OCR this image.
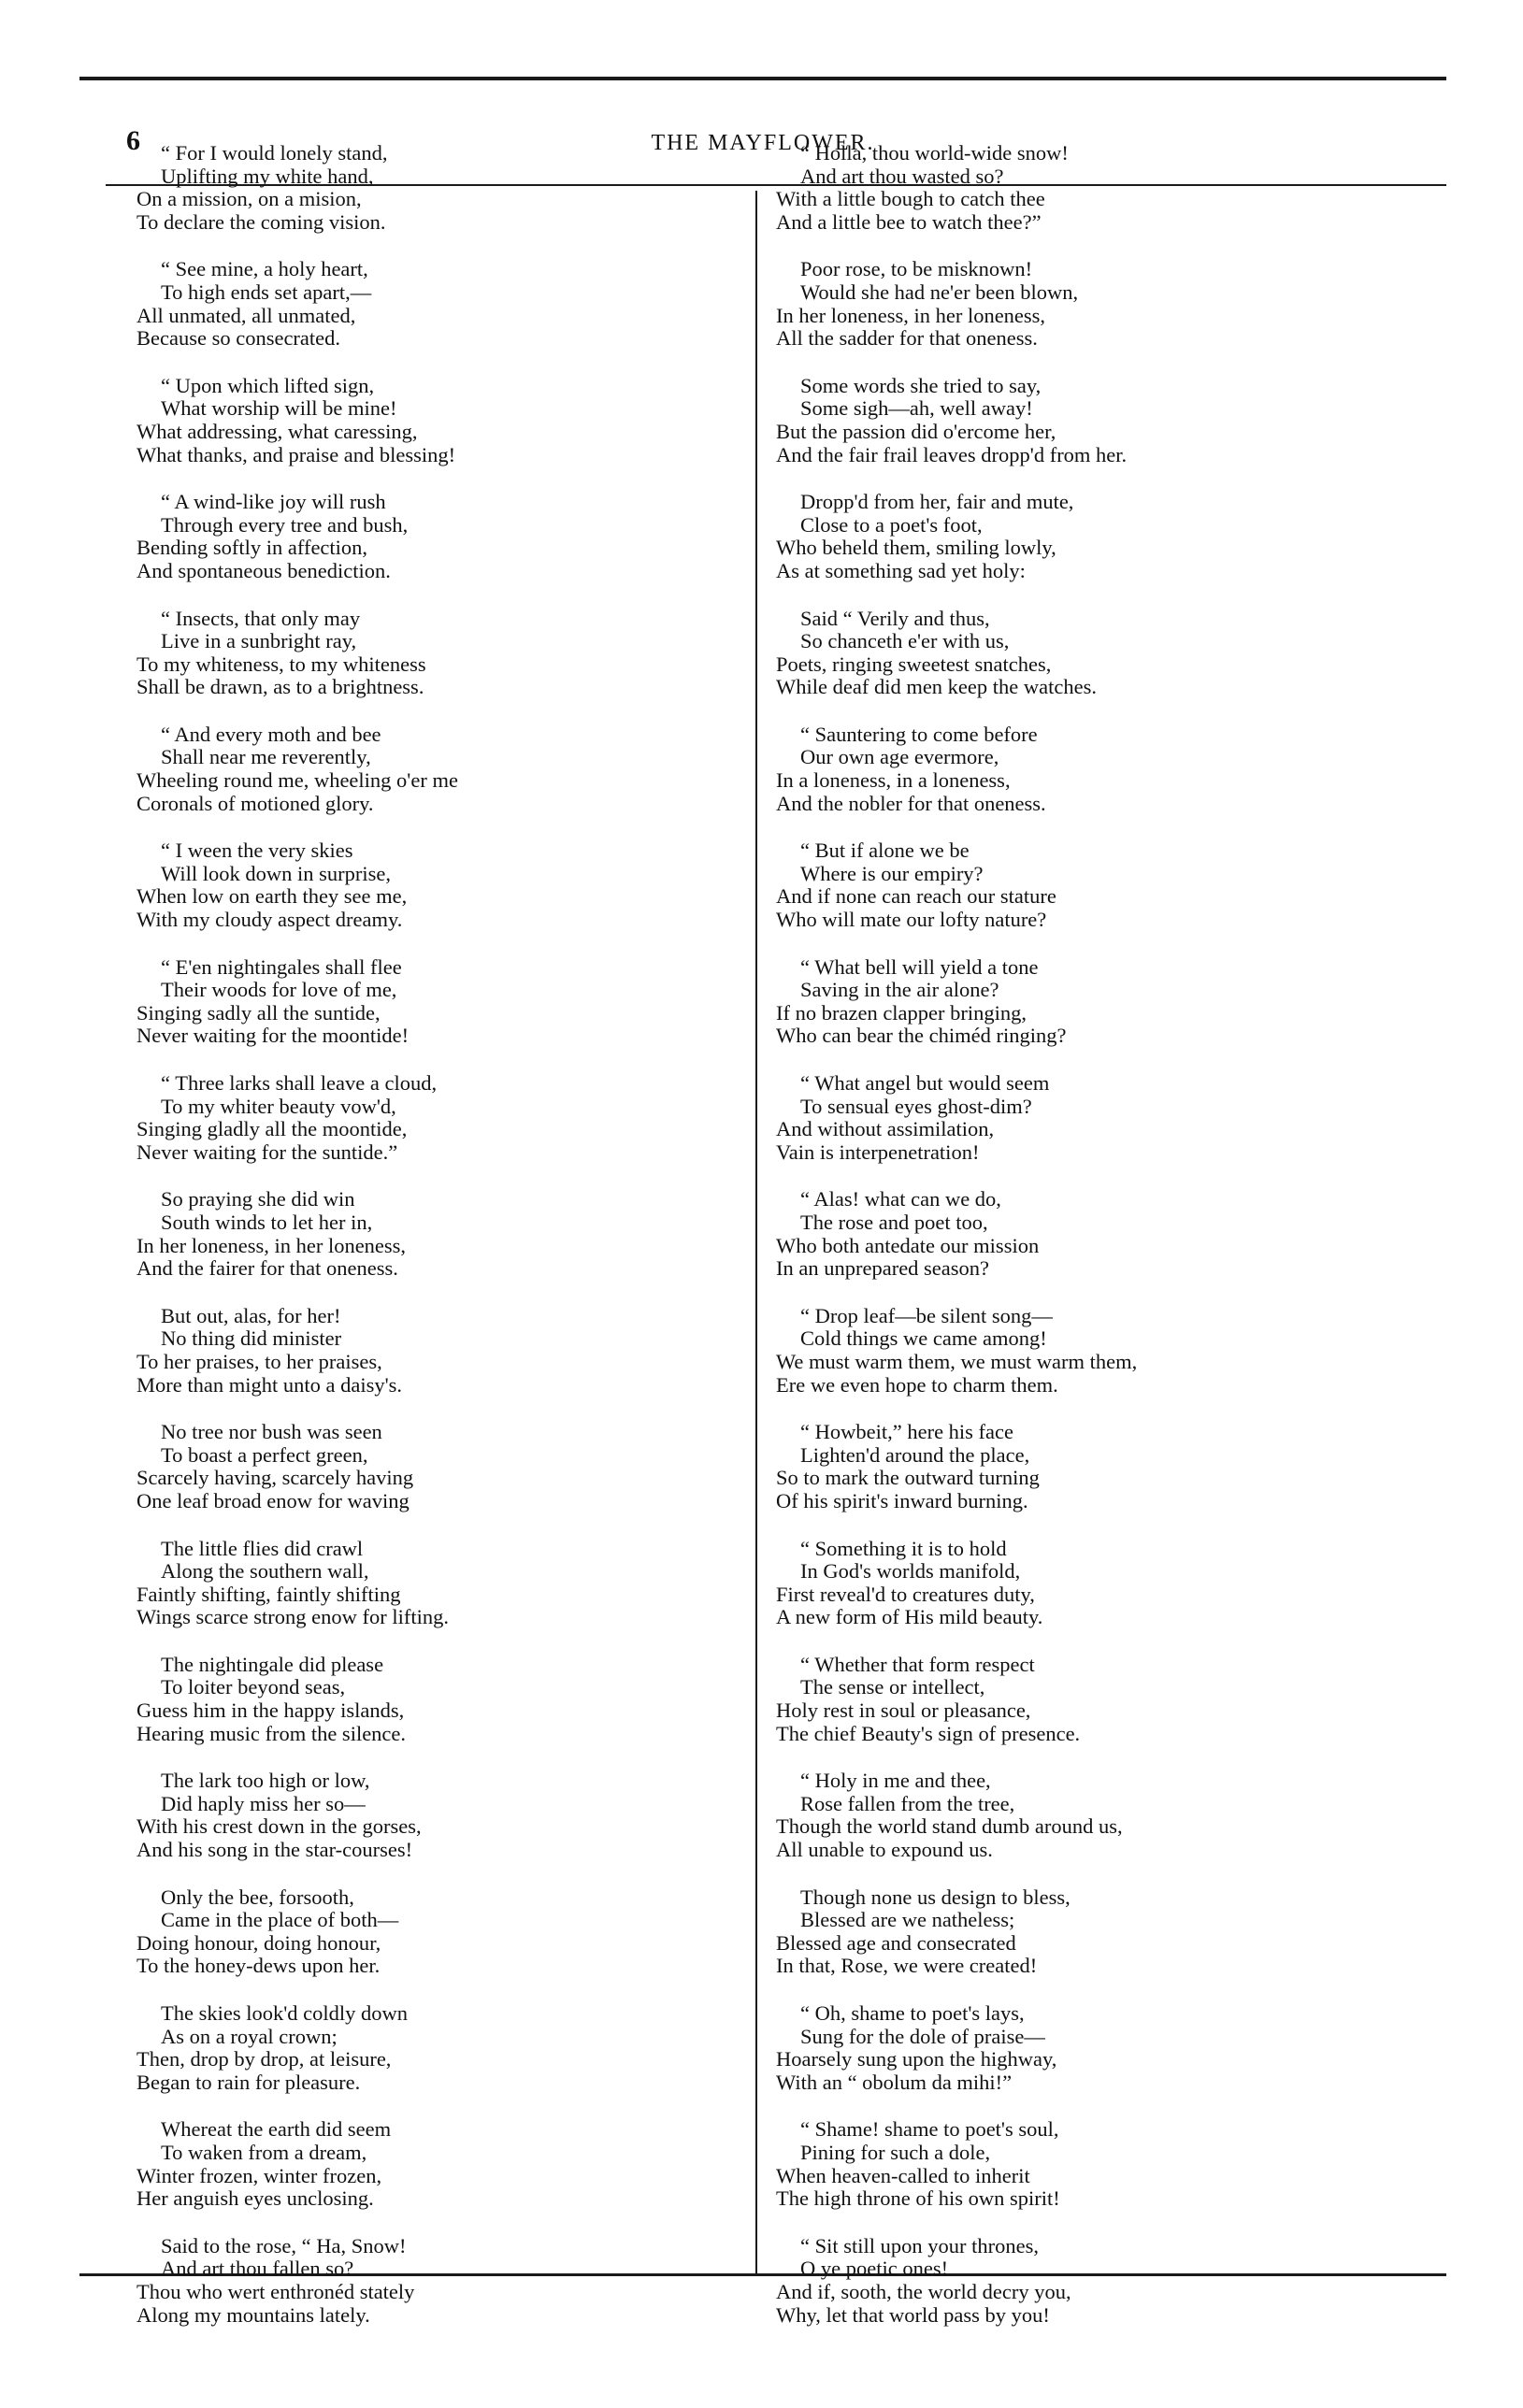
6	THE MAYFLOWER.
“ For I would lonely stand,
Uplifting my white hand,
On a mission, on a mision,
To declare the coming vision.
“ See mine, a holy heart,
To high ends set apart,—
All unmated, all unmated,
Because so consecrated.
“ Upon which lifted sign,
What worship will be mine!
What addressing, what caressing,
What thanks, and praise and blessing!
“ A wind-like joy will rush
Through every tree and bush,
Bending softly in affection,
And spontaneous benediction.
“ Insects, that only may
Live in a sunbright ray,
To my whiteness, to my whiteness
Shall be drawn, as to a brightness.
“ And every moth and bee
Shall near me reverently,
Wheeling round me, wheeling o'er me
Coronals of motioned glory.
“ I ween the very skies
Will look down in surprise,
When low on earth they see me,
With my cloudy aspect dreamy.
“ E'en nightingales shall flee
Their woods for love of me,
Singing sadly all the suntide,
Never waiting for the moontide!
“ Three larks shall leave a cloud,
To my whiter beauty vow'd,
Singing gladly all the moontide,
Never waiting for the suntide.”
So praying she did win
South winds to let her in,
In her loneness, in her loneness,
And the fairer for that oneness.
But out, alas, for her!
No thing did minister
To her praises, to her praises,
More than might unto a daisy's.
No tree nor bush was seen
To boast a perfect green,
Scarcely having, scarcely having
One leaf broad enow for waving
The little flies did crawl
Along the southern wall,
Faintly shifting, faintly shifting
Wings scarce strong enow for lifting.
The nightingale did please
To loiter beyond seas,
Guess him in the happy islands,
Hearing music from the silence.
The lark too high or low,
Did haply miss her so—
With his crest down in the gorses,
And his song in the star-courses!
Only the bee, forsooth,
Came in the place of both—
Doing honour, doing honour,
To the honey-dews upon her.
The skies look'd coldly down
As on a royal crown;
Then, drop by drop, at leisure,
Began to rain for pleasure.
Whereat the earth did seem
To waken from a dream,
Winter frozen, winter frozen,
Her anguish eyes unclosing.
Said to the rose, “ Ha, Snow!
And art thou fallen so?
Thou who wert enthronéd stately
Along my mountains lately.
“ Holla, thou world-wide snow!
And art thou wasted so?
With a little bough to catch thee
And a little bee to watch thee?”
Poor rose, to be misknown!
Would she had ne'er been blown,
In her loneness, in her loneness,
All the sadder for that oneness.
Some words she tried to say,
Some sigh—ah, well away!
But the passion did o'ercome her,
And the fair frail leaves dropp'd from her.
Dropp'd from her, fair and mute,
Close to a poet's foot,
Who beheld them, smiling lowly,
As at something sad yet holy:
Said “ Verily and thus,
So chanceth e'er with us,
Poets, ringing sweetest snatches,
While deaf did men keep the watches.
“ Sauntering to come before
Our own age evermore,
In a loneness, in a loneness,
And the nobler for that oneness.
“ But if alone we be
Where is our empiry?
And if none can reach our stature
Who will mate our lofty nature?
“ What bell will yield a tone
Saving in the air alone?
If no brazen clapper bringing,
Who can bear the chiméd ringing?
“ What angel but would seem
To sensual eyes ghost-dim?
And without assimilation,
Vain is interpenetration!
“ Alas! what can we do,
The rose and poet too,
Who both antedate our mission
In an unprepared season?
“ Drop leaf—be silent song—
Cold things we came among!
We must warm them, we must warm them,
Ere we even hope to charm them.
“ Howbeit,” here his face
Lighten'd around the place,
So to mark the outward turning
Of his spirit's inward burning.
“ Something it is to hold
In God's worlds manifold,
First reveal'd to creatures duty,
A new form of His mild beauty.
“ Whether that form respect
The sense or intellect,
Holy rest in soul or pleasance,
The chief Beauty's sign of presence.
“ Holy in me and thee,
Rose fallen from the tree,
Though the world stand dumb around us,
All unable to expound us.
Though none us design to bless,
Blessed are we natheless;
Blessed age and consecrated
In that, Rose, we were created!
“ Oh, shame to poet's lays,
Sung for the dole of praise—
Hoarsely sung upon the highway,
With an “ obolum da mihi!”
“ Shame! shame to poet's soul,
Pining for such a dole,
When heaven-called to inherit
The high throne of his own spirit!
“ Sit still upon your thrones,
O ye poetic ones!
And if, sooth, the world decry you,
Why, let that world pass by you!
